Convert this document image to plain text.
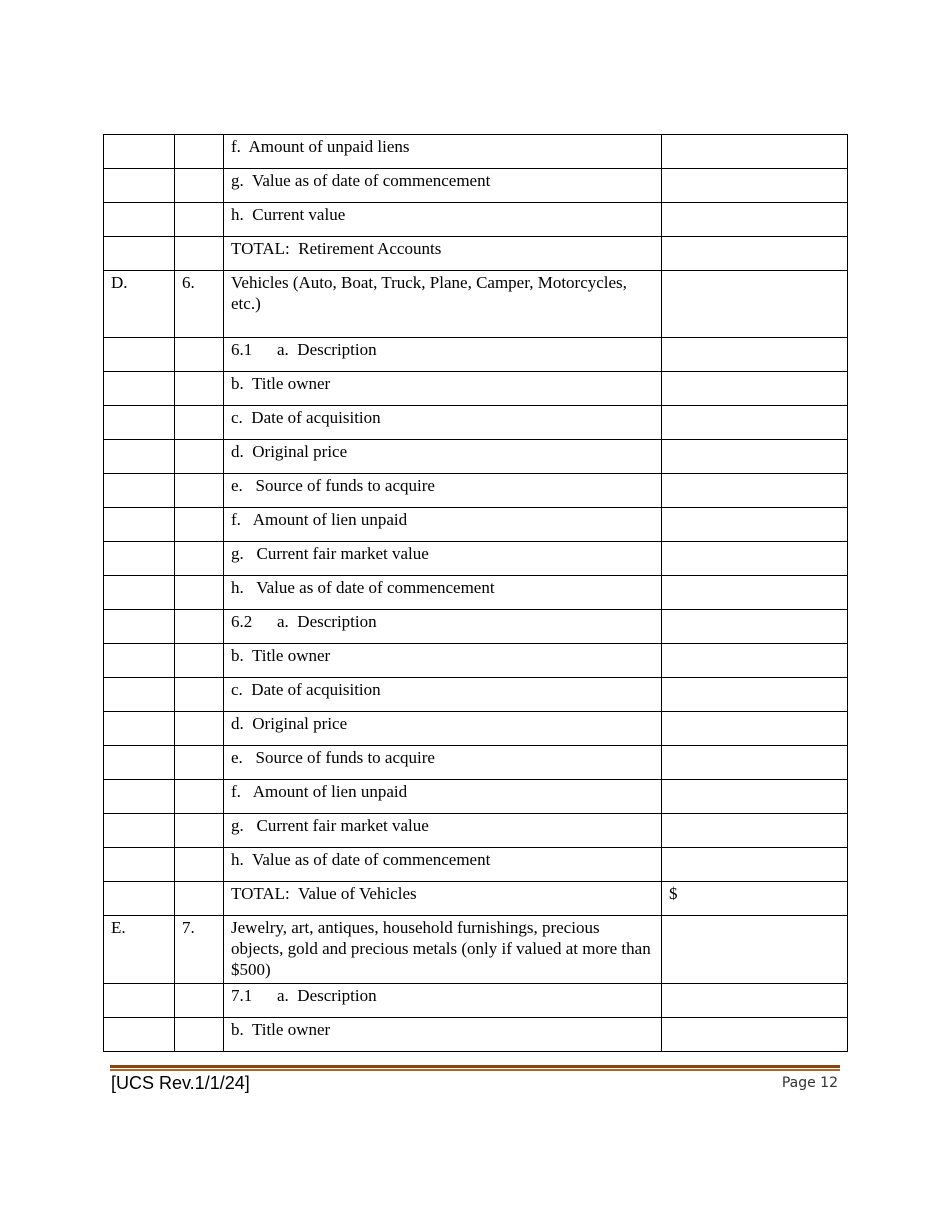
		f.  Amount of unpaid liens	
		g.  Value as of date of commencement	
		h.  Current value	
		TOTAL:  Retirement Accounts	
D.	6.	Vehicles (Auto, Boat, Truck, Plane, Camper, Motorcycles, etc.)	
		6.1 a.  Description	
		b.  Title owner	
		c.  Date of acquisition	
		d.  Original price	
		e.   Source of funds to acquire	
		f.   Amount of lien unpaid	
		g.   Current fair market value	
		h.   Value as of date of commencement	
		6.2 a.  Description	
		b.  Title owner	
		c.  Date of acquisition	
		d.  Original price	
		e.   Source of funds to acquire	
		f.   Amount of lien unpaid	
		g.   Current fair market value	
		h.  Value as of date of commencement	
		TOTAL:  Value of Vehicles	$
E.	7.	Jewelry, art, antiques, household furnishings, precious objects, gold and precious metals (only if valued at more than $500)	
		7.1 a.  Description	
		b.  Title owner	
[UCS Rev.1/1/24]	Page 12
